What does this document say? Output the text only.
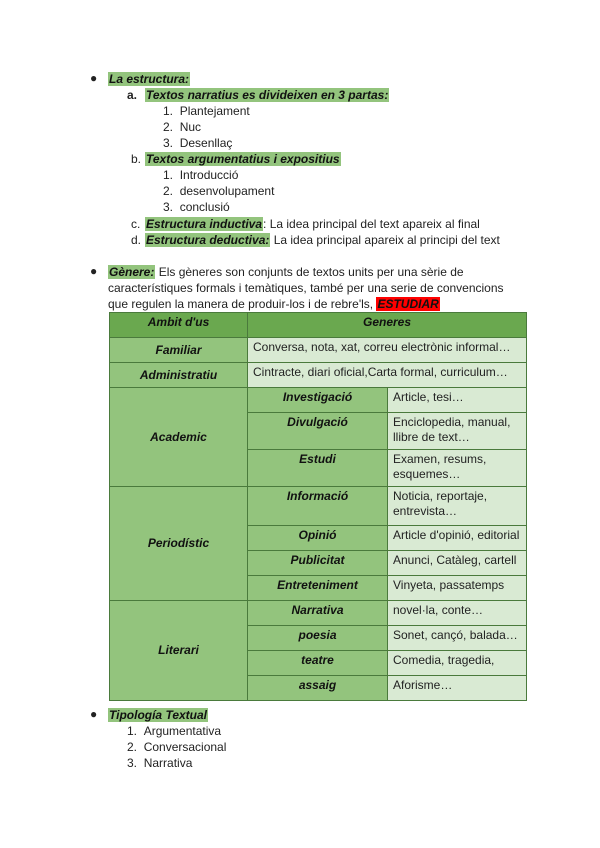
● La estructura:
a. Textos narratius es divideixen en 3 partas:
1.  Plantejament
2.  Nuc
3.  Desenllaç
b. Textos argumentatius i expositius
1.  Introducció
2.  desenvolupament
3.  conclusió
c. Estructura inductiva: La idea principal del text apareix al final
d. Estructura deductiva: La idea principal apareix al principi del text
● Gènere: Els gèneres son conjunts de textos units per una sèrie de
característiques formals i temàtiques, també per una serie de convencions
que regulen la manera de produir-los i de rebre'ls, ESTUDIAR
Ambit d'us	Generes	
Familiar	Conversa, nota, xat, correu electrònic informal…	
Administratiu	Cintracte, diari oficial,Carta formal, curriculum…	
Academic	Investigació	Article, tesi…
	Divulgació	Enciclopedia, manual, llibre de text…
	Estudi	Examen, resums, esquemes…
Periodístic	Informació	Noticia, reportaje, entrevista…
	Opinió	Article d'opinió, editorial
	Publicitat	Anunci, Catàleg, cartell
	Entreteniment	Vinyeta, passatemps
Literari	Narrativa	novel·la, conte…
	poesia	Sonet, cançó, balada…
	teatre	Comedia, tragedia,
	assaig	Aforisme…
● Tipología Textual
1.  Argumentativa
2.  Conversacional
3.  Narrativa
